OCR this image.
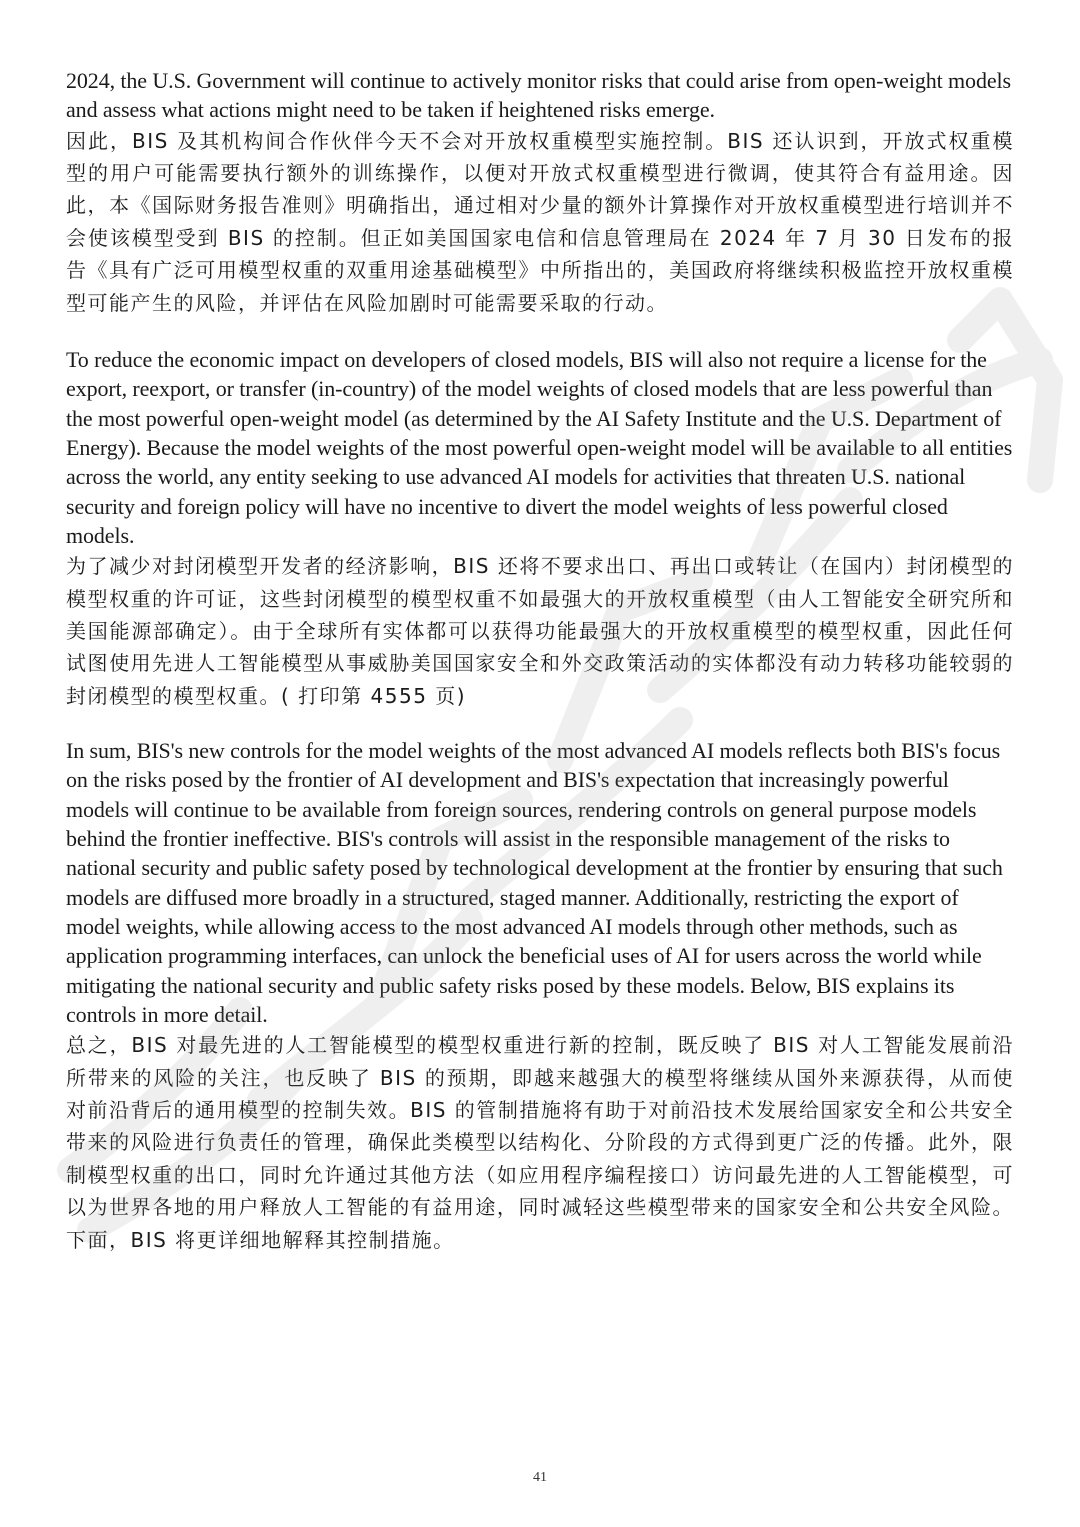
2024, the U.S. Government will continue to actively monitor risks that could arise from open-weight models and assess what actions might need to be taken if heightened risks emerge.

因此，BIS 及其机构间合作伙伴今天不会对开放权重模型实施控制。BIS 还认识到，开放式权重模型的用户可能需要执行额外的训练操作，以便对开放式权重模型进行微调，使其符合有益用途。因此，本《国际财务报告准则》明确指出，通过相对少量的额外计算操作对开放权重模型进行培训并不会使该模型受到 BIS 的控制。但正如美国国家电信和信息管理局在 2024 年 7 月 30 日发布的报告《具有广泛可用模型权重的双重用途基础模型》中所指出的，美国政府将继续积极监控开放权重模型可能产生的风险，并评估在风险加剧时可能需要采取的行动。

To reduce the economic impact on developers of closed models, BIS will also not require a license for the export, reexport, or transfer (in-country) of the model weights of closed models that are less powerful than the most powerful open-weight model (as determined by the AI Safety Institute and the U.S. Department of Energy). Because the model weights of the most powerful open-weight model will be available to all entities across the world, any entity seeking to use advanced AI models for activities that threaten U.S. national security and foreign policy will have no incentive to divert the model weights of less powerful closed models.

为了减少对封闭模型开发者的经济影响，BIS 还将不要求出口、再出口或转让（在国内）封闭模型的模型权重的许可证，这些封闭模型的模型权重不如最强大的开放权重模型（由人工智能安全研究所和美国能源部确定）。由于全球所有实体都可以获得功能最强大的开放权重模型的模型权重，因此任何试图使用先进人工智能模型从事威胁美国国家安全和外交政策活动的实体都没有动力转移功能较弱的封闭模型的模型权重。( 打印第 4555 页)

In sum, BIS's new controls for the model weights of the most advanced AI models reflects both BIS's focus on the risks posed by the frontier of AI development and BIS's expectation that increasingly powerful models will continue to be available from foreign sources, rendering controls on general purpose models behind the frontier ineffective. BIS's controls will assist in the responsible management of the risks to national security and public safety posed by technological development at the frontier by ensuring that such models are diffused more broadly in a structured, staged manner. Additionally, restricting the export of model weights, while allowing access to the most advanced AI models through other methods, such as application programming interfaces, can unlock the beneficial uses of AI for users across the world while mitigating the national security and public safety risks posed by these models. Below, BIS explains its controls in more detail.

总之，BIS 对最先进的人工智能模型的模型权重进行新的控制，既反映了 BIS 对人工智能发展前沿所带来的风险的关注，也反映了 BIS 的预期，即越来越强大的模型将继续从国外来源获得，从而使对前沿背后的通用模型的控制失效。BIS 的管制措施将有助于对前沿技术发展给国家安全和公共安全带来的风险进行负责任的管理，确保此类模型以结构化、分阶段的方式得到更广泛的传播。此外，限制模型权重的出口，同时允许通过其他方法（如应用程序编程接口）访问最先进的人工智能模型，可以为世界各地的用户释放人工智能的有益用途，同时减轻这些模型带来的国家安全和公共安全风险。下面，BIS 将更详细地解释其控制措施。

41
